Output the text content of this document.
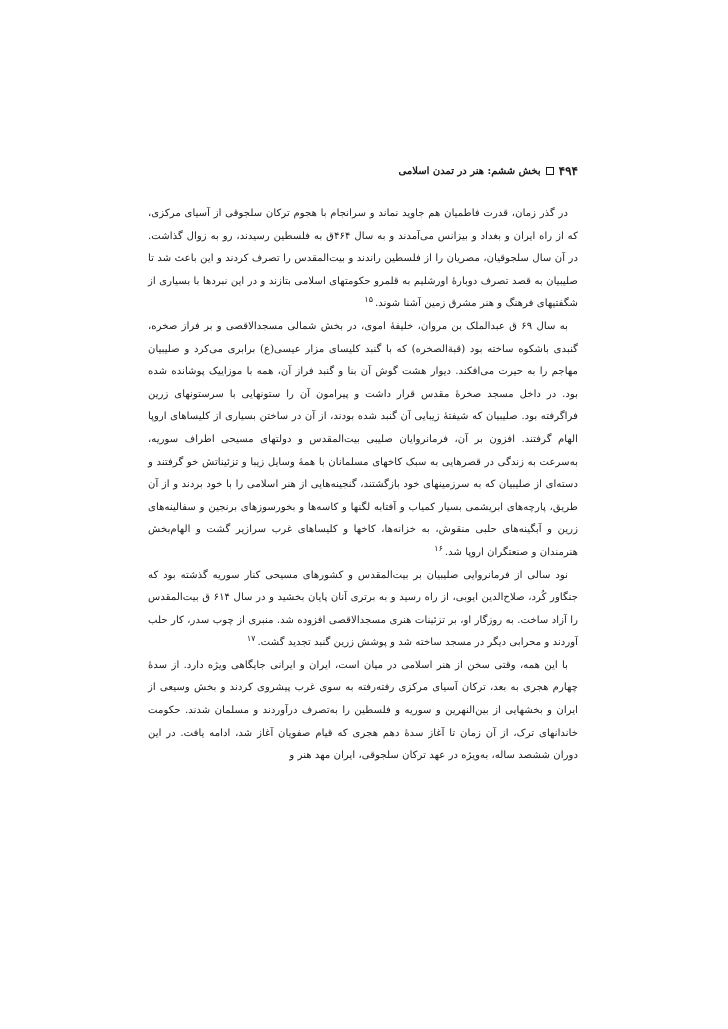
۴۹۴
بخش ششم: هنر در تمدن اسلامی

در گذر زمان، قدرت فاطمیان هم جاوید نماند و سرانجام با هجوم ترکان سلجوقی از آسیای مرکزی، که از راه ایران و بغداد و بیزانس می‌آمدند و به سال ۴۶۴ق به فلسطین رسیدند، رو به زوال گذاشت. در آن سال سلجوقیان، مصریان را از فلسطین راندند و بیت‌المقدس را تصرف کردند و این باعث شد تا صلیبیان به قصد تصرف دوبارهٔ اورشلیم به قلمرو حکومتهای اسلامی بتازند و در این نبردها با بسیاری از شگفتیهای فرهنگ و هنر مشرق زمین آشنا شوند.$^{۱۵}$

به سال ۶۹ ق عبدالملک بن مروان، خلیفهٔ اموی، در بخش شمالی مسجدالاقصی و بر فراز صخره، گنبدی باشکوه ساخته بود (قبةالصخره) که با گنبد کلیسای مزار عیسی(ع) برابری می‌کرد و صلیبیان مهاجم را به حیرت می‌افکند. دیوار هشت گوش آن بنا و گنبد فراز آن، همه با موزاییک پوشانده شده بود. در داخل مسجد صخرهٔ مقدس قرار داشت و پیرامون آن را ستونهایی با سرستونهای زرین فراگرفته بود. صلیبیان که شیفتهٔ زیبایی آن گنبد شده بودند، از آن در ساختن بسیاری از کلیساهای اروپا الهام گرفتند. افزون بر آن، فرمانروایان صلیبی بیت‌المقدس و دولتهای مسیحی اطراف سوریه، به‌سرعت به زندگی در قصرهایی به سبک کاخهای مسلمانان با همهٔ وسایل زیبا و تزئیناتش خو گرفتند و دسته‌ای از صلیبیان که به سرزمینهای خود بازگشتند، گنجینه‌هایی از هنر اسلامی را با خود بردند و از آن طریق، پارچه‌های ابریشمی بسیار کمیاب و آفتابه لگنها و کاسه‌ها و بخورسوزهای برنجین و سفالینه‌های زرین و آبگینه‌های حلبی منقوش، به خزانه‌ها، کاخها و کلیساهای غرب سرازیر گشت و الهام‌بخش هنرمندان و صنعتگران اروپا شد.$^{۱۶}$

نود سالی از فرمانروایی صلیبیان بر بیت‌المقدس و کشورهای مسیحی کنار سوریه گذشته بود که جنگاور کُرد، صلاح‌الدین ایوبی، از راه رسید و به برتری آنان پایان بخشید و در سال ۶۱۴ ق بیت‌المقدس را آزاد ساخت. به روزگار او، بر تزئینات هنری مسجدالاقصی افزوده شد. منبری از چوب سدر، کار حلب آوردند و محرابی دیگر در مسجد ساخته شد و پوشش زرین گنبد تجدید گشت.$^{۱۷}$

با این همه، وقتی سخن از هنر اسلامی در میان است، ایران و ایرانی جایگاهی ویژه دارد. از سدهٔ چهارم هجری به بعد، ترکان آسیای مرکزی رفته‌رفته به سوی غرب پیشروی کردند و بخش وسیعی از ایران و بخشهایی از بین‌النهرین و سوریه و فلسطین را به‌تصرف درآوردند و مسلمان شدند. حکومت خاندانهای ترک، از آن زمان تا آغاز سدهٔ دهم هجری که قیام صفویان آغاز شد، ادامه یافت. در این دوران ششصد ساله، به‌ویژه در عهد ترکان سلجوقی، ایران مهد هنر و
